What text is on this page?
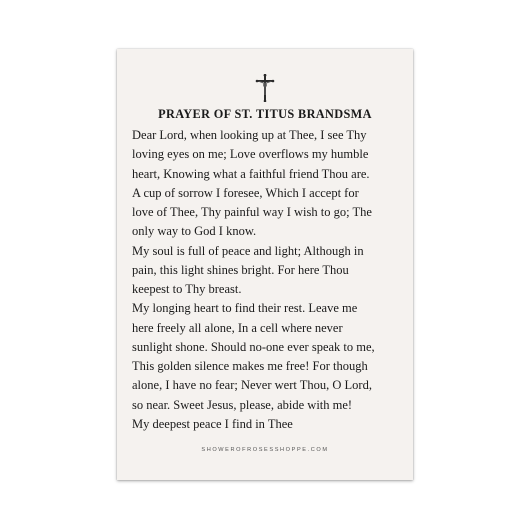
PRAYER OF ST. TITUS BRANDSMA
Dear Lord, when looking up at Thee, I see Thy
loving eyes on me; Love overflows my humble
heart, Knowing what a faithful friend Thou are.
A cup of sorrow I foresee, Which I accept for
love of Thee, Thy painful way I wish to go; The
only way to God I know.
My soul is full of peace and light; Although in
pain, this light shines bright. For here Thou
keepest to Thy breast.
My longing heart to find their rest. Leave me
here freely all alone, In a cell where never
sunlight shone. Should no-one ever speak to me,
This golden silence makes me free! For though
alone, I have no fear; Never wert Thou, O Lord,
so near. Sweet Jesus, please, abide with me!
My deepest peace I find in Thee
SHOWEROFROSESSHOPPE.COM
